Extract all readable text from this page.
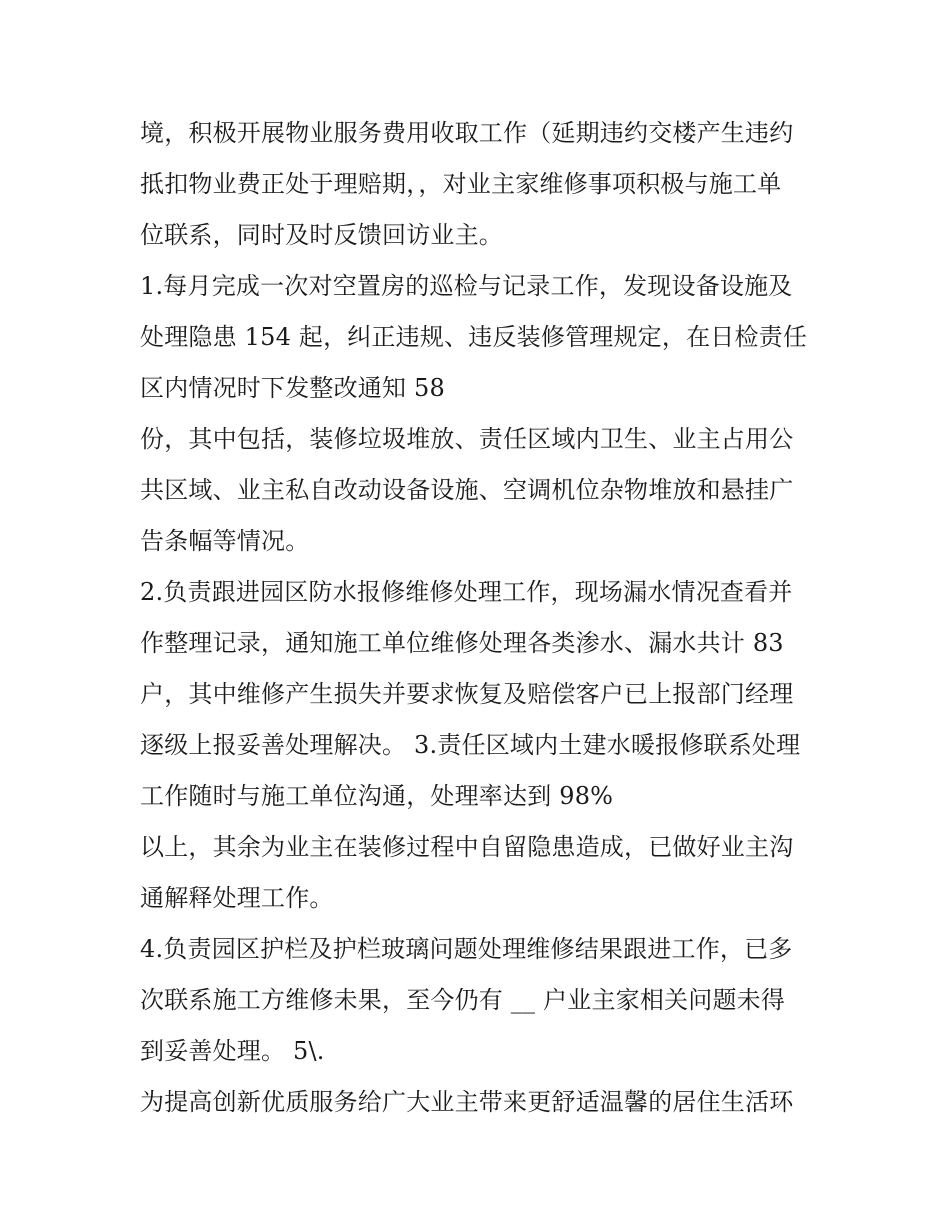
境，积极开展物业服务费用收取工作（延期违约交楼产生违约
抵扣物业费正处于理赔期，，对业主家维修事项积极与施工单
位联系，同时及时反馈回访业主。
1.每月完成一次对空置房的巡检与记录工作，发现设备设施及
处理隐患 154 起，纠正违规、违反装修管理规定，在日检责任
区内情况时下发整改通知 58
份，其中包括，装修垃圾堆放、责任区域内卫生、业主占用公
共区域、业主私自改动设备设施、空调机位杂物堆放和悬挂广
告条幅等情况。
2.负责跟进园区防水报修维修处理工作，现场漏水情况查看并
作整理记录，通知施工单位维修处理各类渗水、漏水共计 83
户，其中维修产生损失并要求恢复及赔偿客户已上报部门经理
逐级上报妥善处理解决。 3.责任区域内土建水暖报修联系处理
工作随时与施工单位沟通，处理率达到 98%
以上，其余为业主在装修过程中自留隐患造成，已做好业主沟
通解释处理工作。
4.负责园区护栏及护栏玻璃问题处理维修结果跟进工作，已多
次联系施工方维修未果，至今仍有 __ 户业主家相关问题未得
到妥善处理。 5\.
为提高创新优质服务给广大业主带来更舒适温馨的居住生活环
